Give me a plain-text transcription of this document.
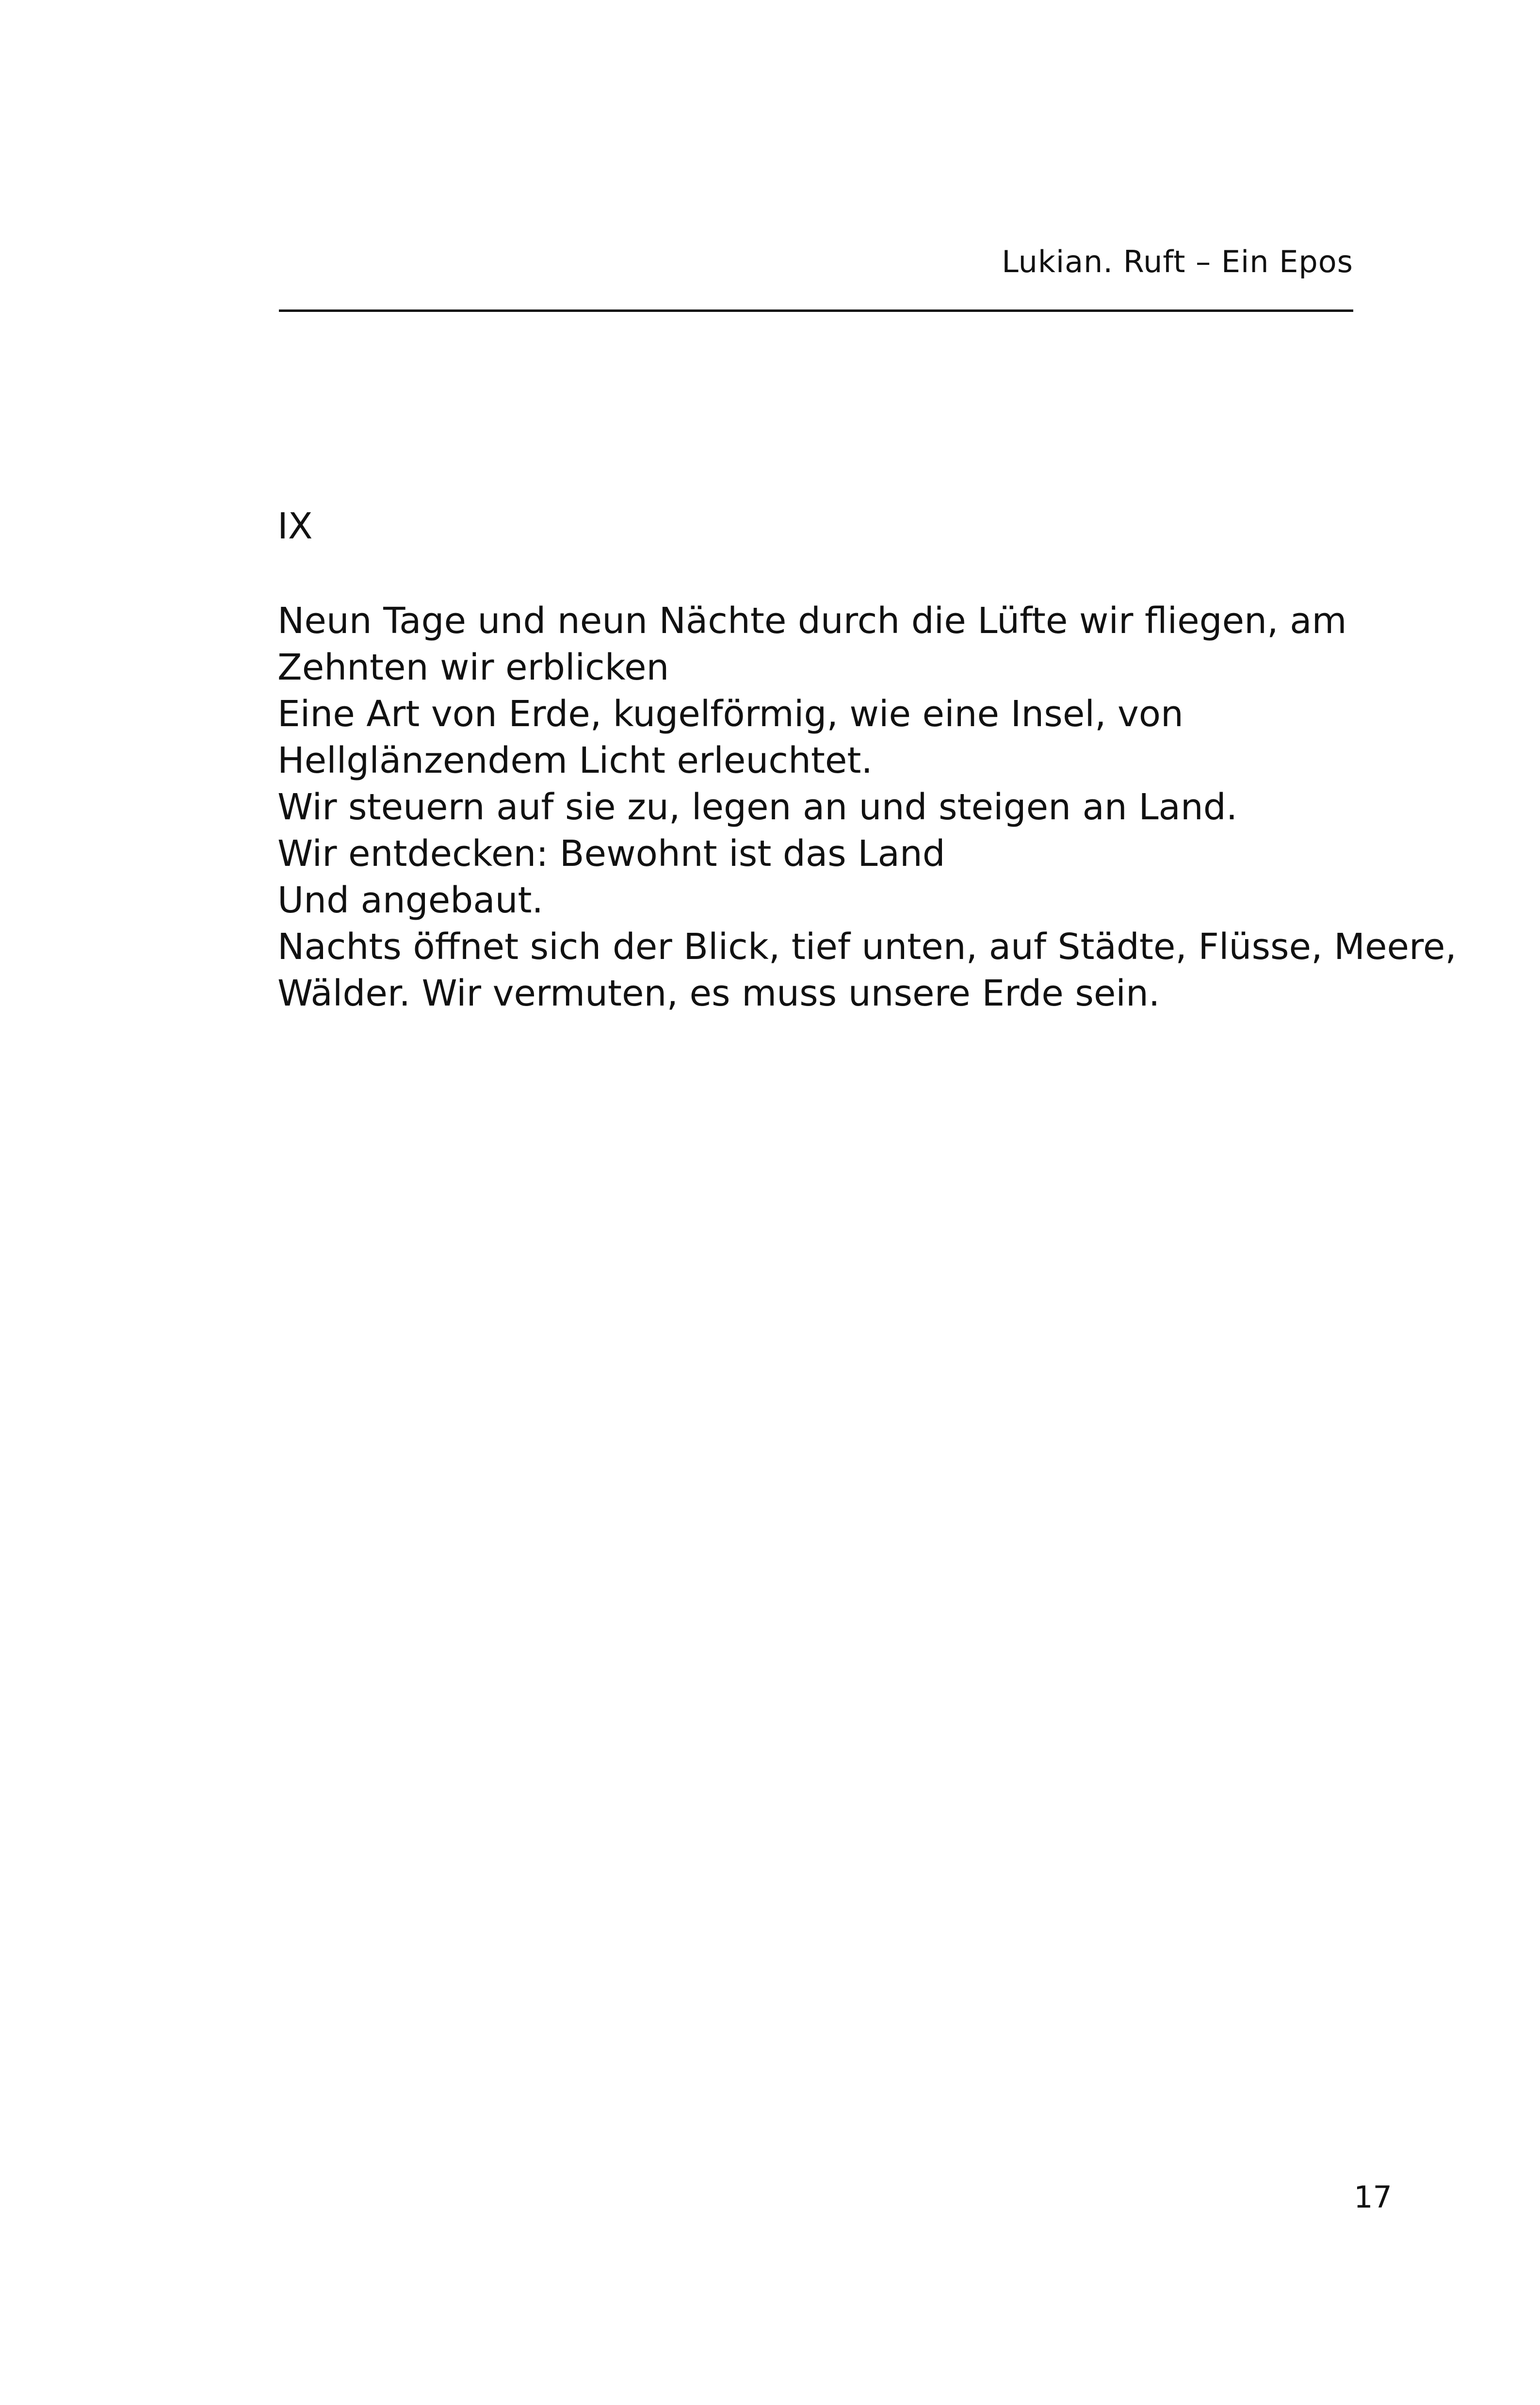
Lukian. Ruft – Ein Epos
IX
Neun Tage und neun Nächte durch die Lüfte wir fliegen, am
Zehnten wir erblicken
Eine Art von Erde, kugelförmig, wie eine Insel, von
Hellglänzendem Licht erleuchtet.
Wir steuern auf sie zu, legen an und steigen an Land.
Wir entdecken: Bewohnt ist das Land
Und angebaut.
Nachts öffnet sich der Blick, tief unten, auf Städte, Flüsse, Meere,
Wälder. Wir vermuten, es muss unsere Erde sein.
17
